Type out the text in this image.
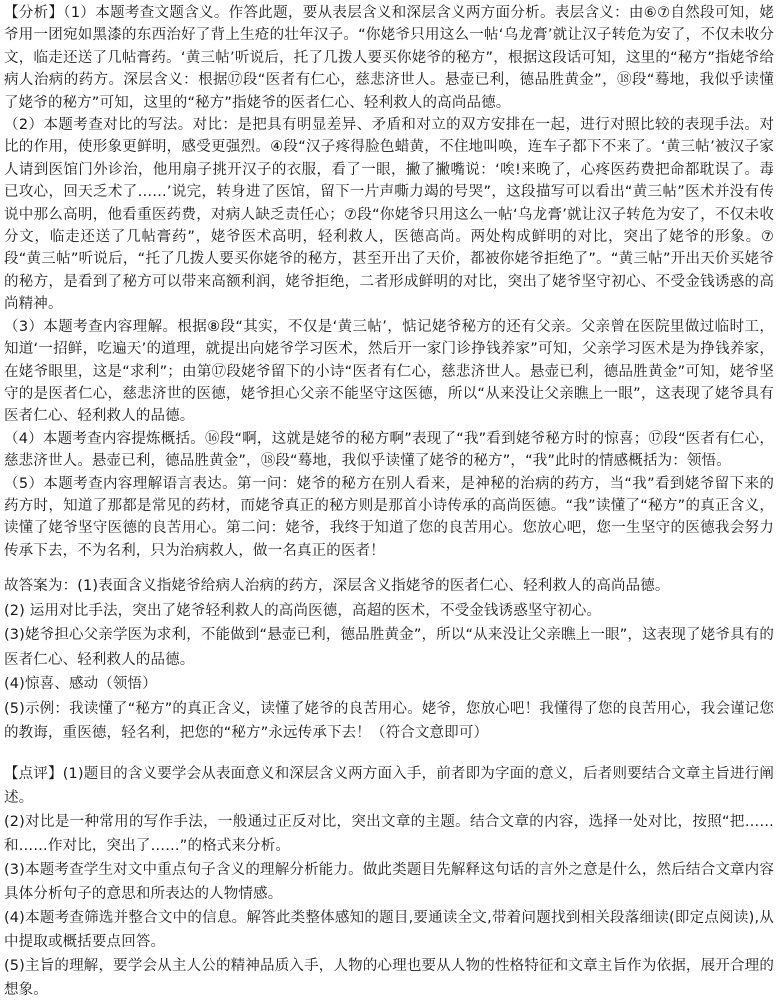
【分析】（1）本题考查文题含义。作答此题，要从表层含义和深层含义两方面分析。表层含义：由⑥⑦自然段可知，姥爷用一团宛如黑漆的东西治好了背上生疮的壮年汉子。“你姥爷只用这么一帖‘乌龙膏’就让汉子转危为安了，不仅未收分文，临走还送了几帖膏药。‘黄三帖’听说后，托了几拨人要买你姥爷的秘方”，根据这段话可知，这里的“秘方”指姥爷给病人治病的药方。深层含义：根据⑰段“医者有仁心，慈悲济世人。悬壶已利，德品胜黄金”，⑱段“蓦地，我似乎读懂了姥爷的秘方”可知，这里的“秘方”指姥爷的医者仁心、轻利救人的高尚品德。

（2）本题考查对比的写法。对比：是把具有明显差异、矛盾和对立的双方安排在一起，进行对照比较的表现手法。对比的作用，使形象更鲜明，感受更强烈。④段“汉子疼得脸色蜡黄，不住地叫唤，连车子都下不来了。‘黄三帖’被汉子家人请到医馆门外诊治，他用扇子挑开汉子的衣服，看了一眼，撇了撇嘴说：‘唉!来晚了，心疼医药费把命都耽误了。毒已攻心，回天乏术了……’说完，转身进了医馆，留下一片声嘶力竭的号哭”，这段描写可以看出“黄三帖”医术并没有传说中那么高明，他看重医药费，对病人缺乏责任心；⑦段“你姥爷只用这么一帖‘乌龙膏’就让汉子转危为安了，不仅未收分文，临走还送了几帖膏药”，姥爷医术高明，轻利救人，医德高尚。两处构成鲜明的对比，突出了姥爷的形象。⑦段“黄三帖”听说后，“托了几拨人要买你姥爷的秘方，甚至开出了天价，都被你姥爷拒绝了”。“黄三帖”开出天价买姥爷的秘方，是看到了秘方可以带来高额利润，姥爷拒绝，二者形成鲜明的对比，突出了姥爷坚守初心、不受金钱诱惑的高尚精神。

（3）本题考查内容理解。根据⑧段“其实，不仅是‘黄三帖’，惦记姥爷秘方的还有父亲。父亲曾在医院里做过临时工，知道‘一招鲜，吃遍天’的道理，就提出向姥爷学习医术，然后开一家门诊挣钱养家”可知，父亲学习医术是为挣钱养家，在姥爷眼里，这是“求利”；由第⑰段姥爷留下的小诗“医者有仁心，慈悲济世人。悬壶已利，德品胜黄金”可知，姥爷坚守的是医者仁心，慈悲济世的医德，姥爷担心父亲不能坚守这医德，所以“从来没让父亲瞧上一眼”，这表现了姥爷具有医者仁心、轻利救人的品德。

（4）本题考查内容提炼概括。⑯段“啊，这就是姥爷的秘方啊”表现了“我”看到姥爷秘方时的惊喜；⑰段“医者有仁心，慈悲济世人。悬壶已利，德品胜黄金”，⑱段“蓦地，我似乎读懂了姥爷的秘方”，“我”此时的情感概括为：领悟。

（5）本题考查内容理解语言表达。第一问：姥爷的秘方在别人看来，是神秘的治病的药方，当“我”看到姥爷留下来的药方时，知道了那都是常见的药材，而姥爷真正的秘方则是那首小诗传承的高尚医德。“我”读懂了“秘方”的真正含义，读懂了姥爷坚守医德的良苦用心。第二问：姥爷，我终于知道了您的良苦用心。您放心吧，您一生坚守的医德我会努力传承下去，不为名利，只为治病救人，做一名真正的医者！

故答案为：(1)表面含义指姥爷给病人治病的药方，深层含义指姥爷的医者仁心、轻利救人的高尚品德。

(2) 运用对比手法，突出了姥爷轻利救人的高尚医德，高超的医术，不受金钱诱惑坚守初心。

(3)姥爷担心父亲学医为求利，不能做到“悬壶已利，德品胜黄金”，所以“从来没让父亲瞧上一眼”，这表现了姥爷具有的医者仁心、轻利救人的品德。

(4)惊喜、感动（领悟）

(5)示例：我读懂了“秘方”的真正含义，读懂了姥爷的良苦用心。姥爷，您放心吧！我懂得了您的良苦用心，我会谨记您的教诲，重医德，轻名利，把您的“秘方”永远传承下去！（符合文意即可）

【点评】(1)题目的含义要学会从表面意义和深层含义两方面入手，前者即为字面的意义，后者则要结合文章主旨进行阐述。

(2)对比是一种常用的写作手法，一般通过正反对比，突出文章的主题。结合文章的内容，选择一处对比，按照“把……和……作对比，突出了……”的格式来分析。

(3)本题考查学生对文中重点句子含义的理解分析能力。做此类题目先解释这句话的言外之意是什么，然后结合文章内容具体分析句子的意思和所表达的人物情感。

(4)本题考查筛选并整合文中的信息。解答此类整体感知的题目,要通读全文,带着问题找到相关段落细读(即定点阅读),从中提取或概括要点回答。

(5)主旨的理解，要学会从主人公的精神品质入手，人物的心理也要从人物的性格特征和文章主旨作为依据，展开合理的想象。
